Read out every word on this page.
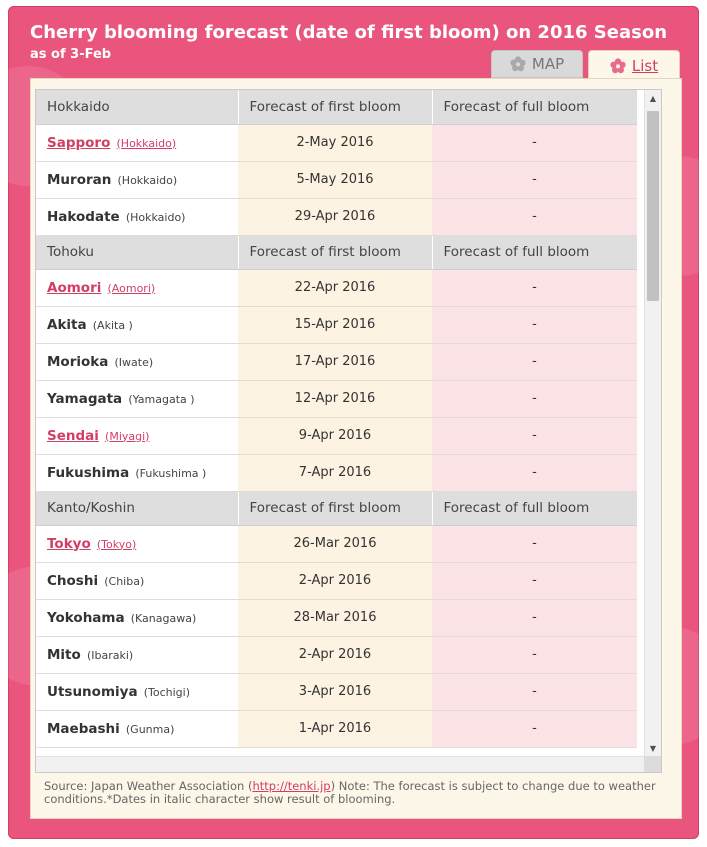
Cherry blooming forecast (date of first bloom) on 2016 Season
as of 3-Feb
MAP	List
Hokkaido	Forecast of first bloom	Forecast of full bloom
Sapporo (Hokkaido)	2-May 2016	-
Muroran (Hokkaido)	5-May 2016	-
Hakodate (Hokkaido)	29-Apr 2016	-
Tohoku	Forecast of first bloom	Forecast of full bloom
Aomori (Aomori)	22-Apr 2016	-
Akita (Akita )	15-Apr 2016	-
Morioka (Iwate)	17-Apr 2016	-
Yamagata (Yamagata )	12-Apr 2016	-
Sendai (Miyagi)	9-Apr 2016	-
Fukushima (Fukushima )	7-Apr 2016	-
Kanto/Koshin	Forecast of first bloom	Forecast of full bloom
Tokyo (Tokyo)	26-Mar 2016	-
Choshi (Chiba)	2-Apr 2016	-
Yokohama (Kanagawa)	28-Mar 2016	-
Mito (Ibaraki)	2-Apr 2016	-
Utsunomiya (Tochigi)	3-Apr 2016	-
Maebashi (Gunma)	1-Apr 2016	-
▲
▼
Source: Japan Weather Association (http://tenki.jp) Note: The forecast is subject to change due to weather conditions.*Dates in italic character show result of blooming.
